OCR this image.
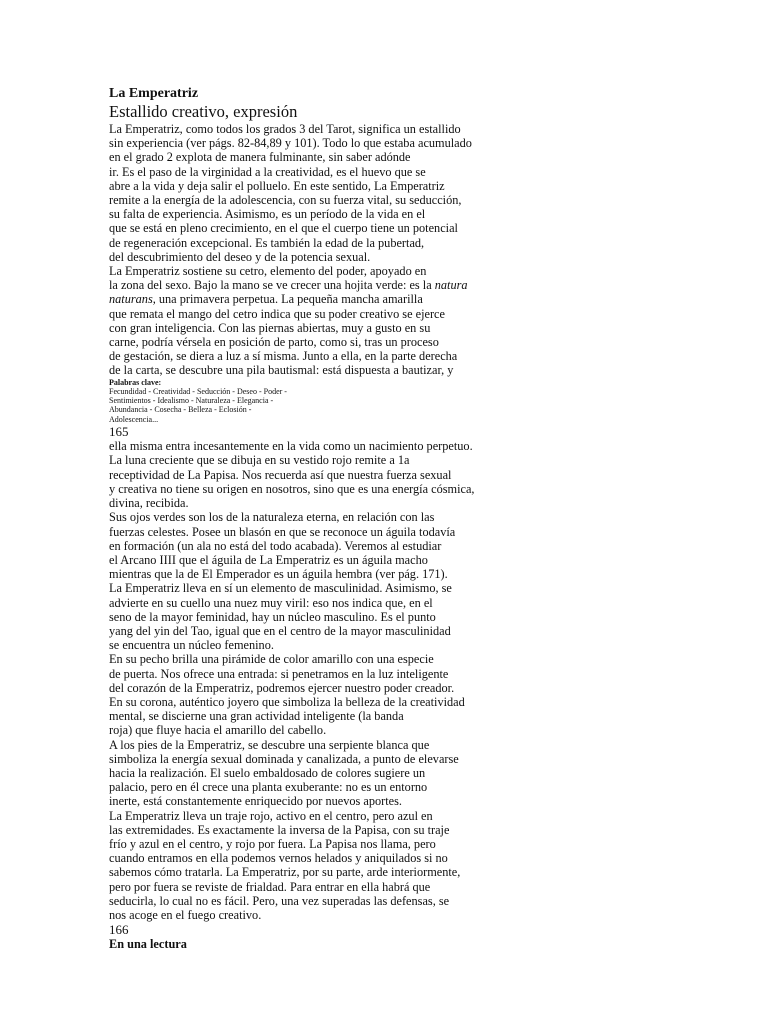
La Emperatriz

Estallido creativo, expresión

La Emperatriz, como todos los grados 3 del Tarot, significa un estallido

sin experiencia (ver págs. 82-84,89 y 101). Todo lo que estaba acumulado

en el grado 2 explota de manera fulminante, sin saber adónde

ir. Es el paso de la virginidad a la creatividad, es el huevo que se

abre a la vida y deja salir el polluelo. En este sentido, La Emperatriz

remite a la energía de la adolescencia, con su fuerza vital, su seducción,

su falta de experiencia. Asimismo, es un período de la vida en el

que se está en pleno crecimiento, en el que el cuerpo tiene un potencial

de regeneración excepcional. Es también la edad de la pubertad,

del descubrimiento del deseo y de la potencia sexual.

La Emperatriz sostiene su cetro, elemento del poder, apoyado en

la zona del sexo. Bajo la mano se ve crecer una hojita verde: es la natura

naturans, una primavera perpetua. La pequeña mancha amarilla

que remata el mango del cetro indica que su poder creativo se ejerce

con gran inteligencia. Con las piernas abiertas, muy a gusto en su

carne, podría vérsela en posición de parto, como si, tras un proceso

de gestación, se diera a luz a sí misma. Junto a ella, en la parte derecha

de la carta, se descubre una pila bautismal: está dispuesta a bautizar, y

Palabras clave:

Fecundidad - Creatividad - Seducción - Deseo - Poder -

Sentimientos - Idealismo - Naturaleza - Elegancia -

Abundancia - Cosecha - Belleza - Eclosión -

Adolescencia...

165

ella misma entra incesantemente en la vida como un nacimiento perpetuo.

La luna creciente que se dibuja en su vestido rojo remite a 1a

receptividad de La Papisa. Nos recuerda así que nuestra fuerza sexual

y creativa no tiene su origen en nosotros, sino que es una energía cósmica,

divina, recibida.

Sus ojos verdes son los de la naturaleza eterna, en relación con las

fuerzas celestes. Posee un blasón en que se reconoce un águila todavía

en formación (un ala no está del todo acabada). Veremos al estudiar

el Arcano IIII que el águila de La Emperatriz es un águila macho

mientras que la de El Emperador es un águila hembra (ver pág. 171).

La Emperatriz lleva en sí un elemento de masculinidad. Asimismo, se

advierte en su cuello una nuez muy viril: eso nos indica que, en el

seno de la mayor feminidad, hay un núcleo masculino. Es el punto

yang del yin del Tao, igual que en el centro de la mayor masculinidad

se encuentra un núcleo femenino.

En su pecho brilla una pirámide de color amarillo con una especie

de puerta. Nos ofrece una entrada: si penetramos en la luz inteligente

del corazón de la Emperatriz, podremos ejercer nuestro poder creador.

En su corona, auténtico joyero que simboliza la belleza de la creatividad

mental, se discierne una gran actividad inteligente (la banda

roja) que fluye hacia el amarillo del cabello.

A los pies de la Emperatriz, se descubre una serpiente blanca que

simboliza la energía sexual dominada y canalizada, a punto de elevarse

hacia la realización. El suelo embaldosado de colores sugiere un

palacio, pero en él crece una planta exuberante: no es un entorno

inerte, está constantemente enriquecido por nuevos aportes.

La Emperatriz lleva un traje rojo, activo en el centro, pero azul en

las extremidades. Es exactamente la inversa de la Papisa, con su traje

frío y azul en el centro, y rojo por fuera. La Papisa nos llama, pero

cuando entramos en ella podemos vernos helados y aniquilados si no

sabemos cómo tratarla. La Emperatriz, por su parte, arde interiormente,

pero por fuera se reviste de frialdad. Para entrar en ella habrá que

seducirla, lo cual no es fácil. Pero, una vez superadas las defensas, se

nos acoge en el fuego creativo.

166

En una lectura
